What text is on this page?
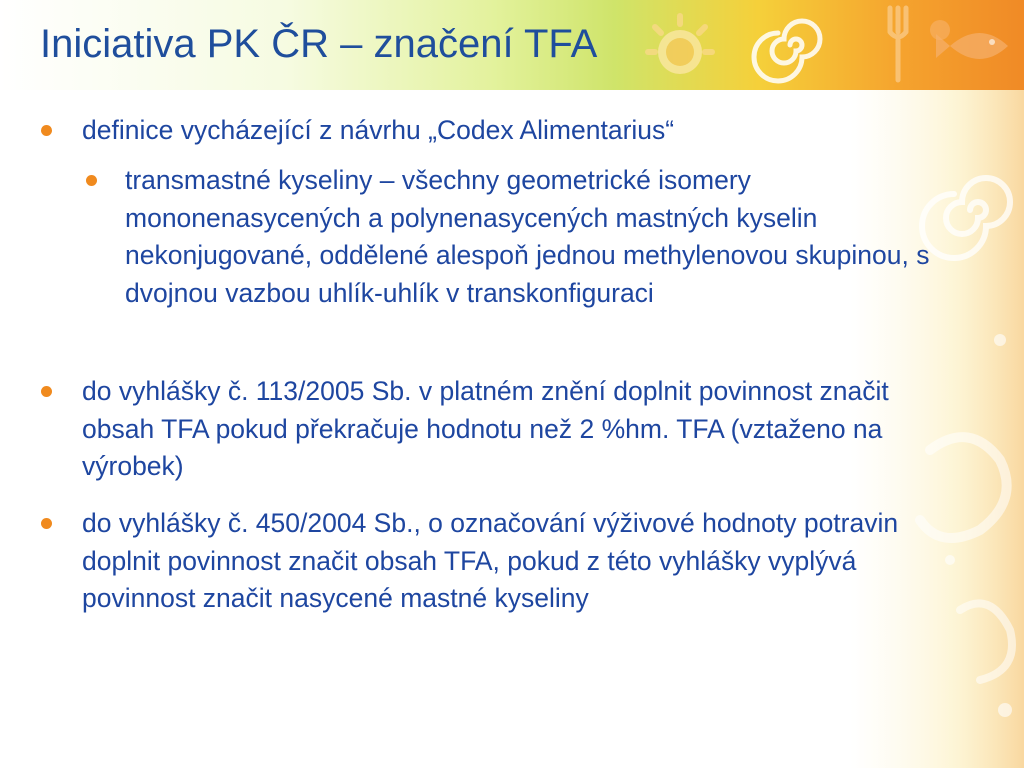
Iniciativa PK ČR – značení TFA
definice vycházející z návrhu „Codex Alimentarius“
transmastné kyseliny – všechny geometrické isomery mononenasycených a polynenasycených mastných kyselin nekonjugované, oddělené alespoň jednou methylenovou skupinou, s dvojnou vazbou uhlík-uhlík v transkonfiguraci
do vyhlášky č. 113/2005 Sb. v platném znění doplnit povinnost značit obsah TFA pokud překračuje hodnotu než 2 %hm. TFA (vztaženo na výrobek)
do vyhlášky č. 450/2004 Sb., o označování výživové hodnoty potravin doplnit povinnost značit obsah TFA, pokud z této vyhlášky vyplývá povinnost značit nasycené mastné kyseliny
